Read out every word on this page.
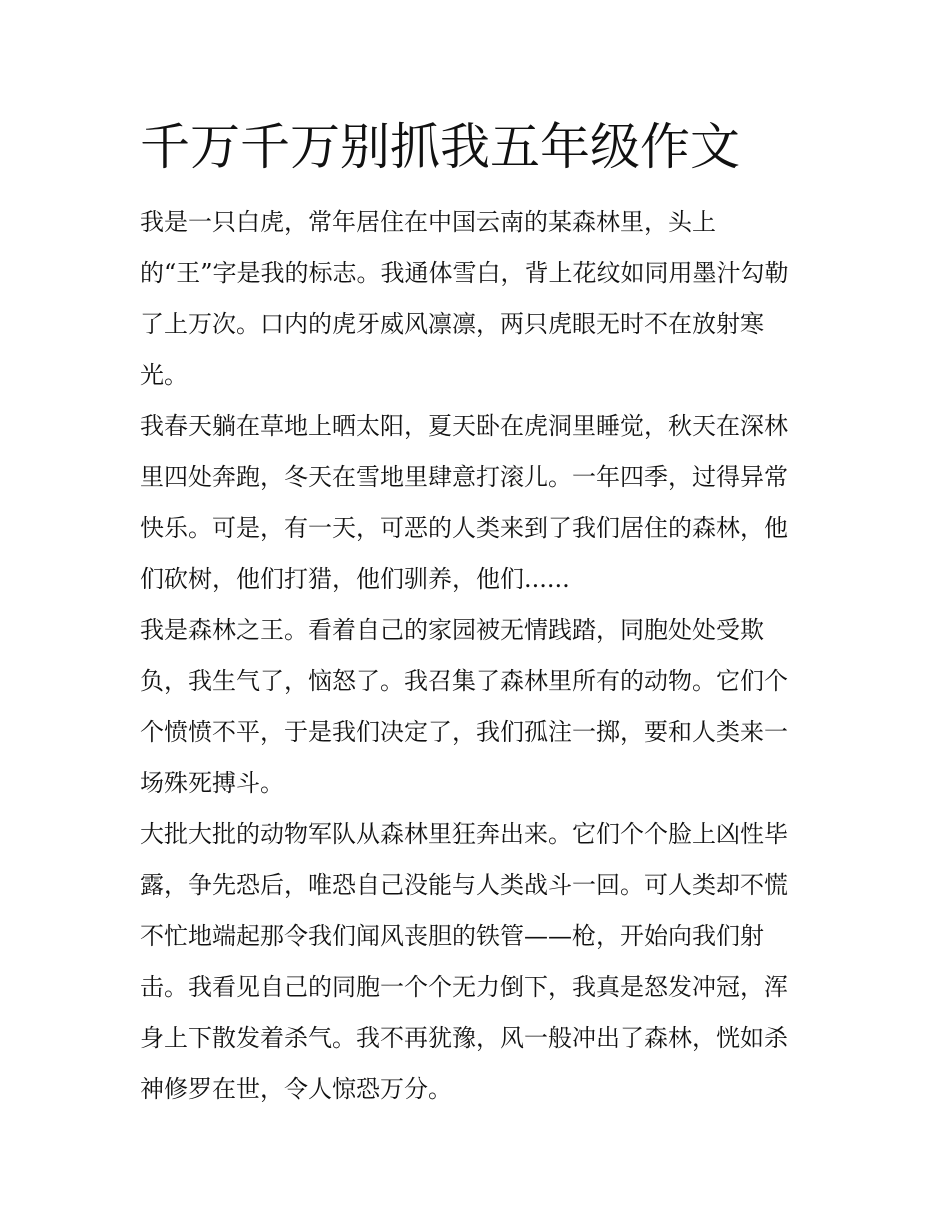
千万千万别抓我五年级作文
我是一只白虎，常年居住在中国云南的某森林里，头上
的“王”字是我的标志。我通体雪白，背上花纹如同用墨汁勾勒
了上万次。口内的虎牙威风凛凛，两只虎眼无时不在放射寒
光。
我春天躺在草地上晒太阳，夏天卧在虎洞里睡觉，秋天在深林
里四处奔跑，冬天在雪地里肆意打滚儿。一年四季，过得异常
快乐。可是，有一天，可恶的人类来到了我们居住的森林，他
们砍树，他们打猎，他们驯养，他们......
我是森林之王。看着自己的家园被无情践踏，同胞处处受欺
负，我生气了，恼怒了。我召集了森林里所有的动物。它们个
个愤愤不平，于是我们决定了，我们孤注一掷，要和人类来一
场殊死搏斗。
大批大批的动物军队从森林里狂奔出来。它们个个脸上凶性毕
露，争先恐后，唯恐自己没能与人类战斗一回。可人类却不慌
不忙地端起那令我们闻风丧胆的铁管——枪，开始向我们射
击。我看见自己的同胞一个个无力倒下，我真是怒发冲冠，浑
身上下散发着杀气。我不再犹豫，风一般冲出了森林，恍如杀
神修罗在世，令人惊恐万分。
